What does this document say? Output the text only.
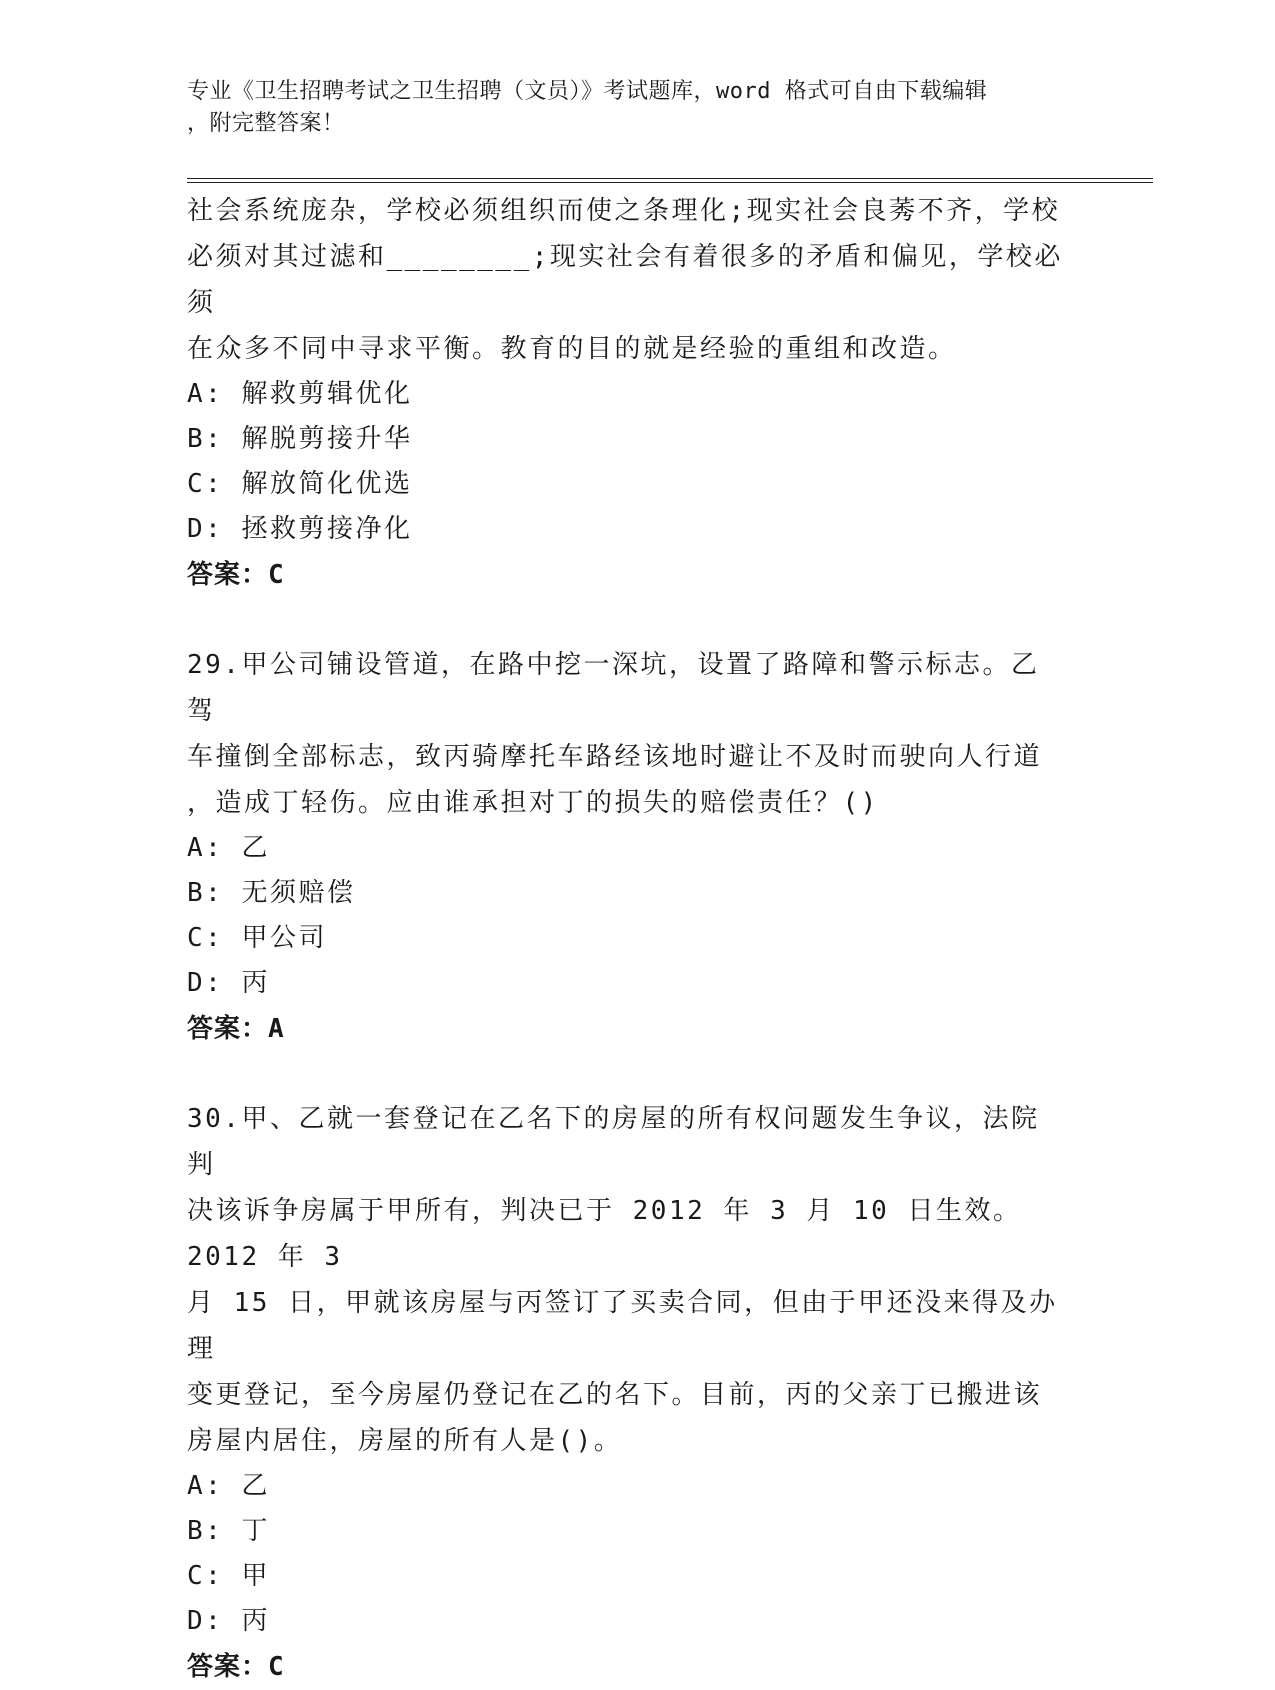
专业《卫生招聘考试之卫生招聘（文员）》考试题库，word 格式可自由下载编辑
，附完整答案！

社会系统庞杂，学校必须组织而使之条理化;现实社会良莠不齐，学校

必须对其过滤和________;现实社会有着很多的矛盾和偏见，学校必须

在众多不同中寻求平衡。教育的目的就是经验的重组和改造。

A: 解救剪辑优化

B: 解脱剪接升华

C: 解放简化优选

D: 拯救剪接净化

答案：C

29.甲公司铺设管道，在路中挖一深坑，设置了路障和警示标志。乙驾

车撞倒全部标志，致丙骑摩托车路经该地时避让不及时而驶向人行道

，造成丁轻伤。应由谁承担对丁的损失的赔偿责任？()

A: 乙

B: 无须赔偿

C: 甲公司

D: 丙

答案：A

30.甲、乙就一套登记在乙名下的房屋的所有权问题发生争议，法院判

决该诉争房属于甲所有，判决已于 2012 年 3 月 10 日生效。2012 年 3

月 15 日，甲就该房屋与丙签订了买卖合同，但由于甲还没来得及办理

变更登记，至今房屋仍登记在乙的名下。目前，丙的父亲丁已搬进该

房屋内居住，房屋的所有人是()。

A: 乙

B: 丁

C: 甲

D: 丙

答案：C
